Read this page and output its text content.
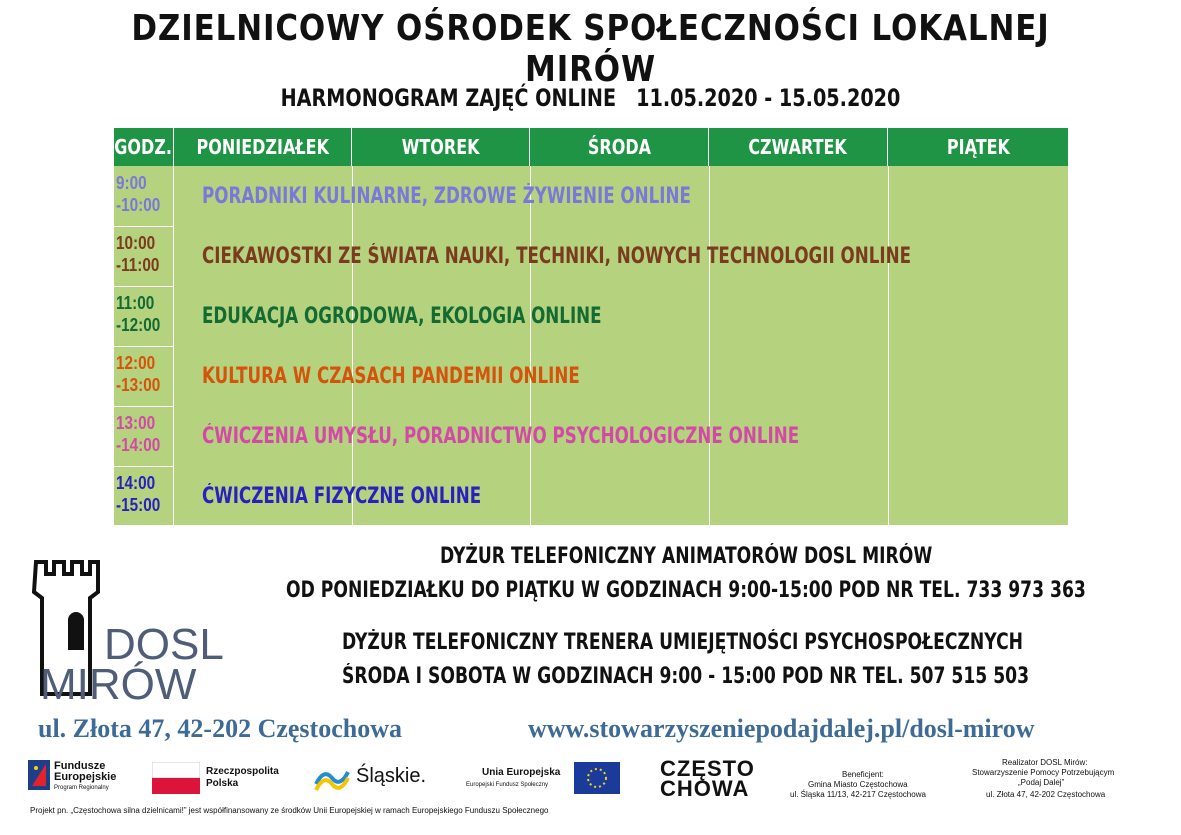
DZIELNICOWY OŚRODEK SPOŁECZNOŚCI LOKALNEJ MIRÓW
HARMONOGRAM ZAJĘĆ ONLINE   11.05.2020 - 15.05.2020
GODZ. PONIEDZIAŁEK	WTOREK	ŚRODA	CZWARTEK	PIĄTEK
9:00
-10:00 PORADNIKI KULINARNE, ZDROWE ŻYWIENIE ONLINE
10:00
-11:00 CIEKAWOSTKI ZE ŚWIATA NAUKI, TECHNIKI, NOWYCH TECHNOLOGII ONLINE
11:00
-12:00 EDUKACJA OGRODOWA, EKOLOGIA ONLINE
12:00
-13:00 KULTURA W CZASACH PANDEMII ONLINE
13:00
-14:00 ĆWICZENIA UMYSŁU, PORADNICTWO PSYCHOLOGICZNE ONLINE
14:00
-15:00 ĆWICZENIA FIZYCZNE ONLINE
DOSL
MIRÓW
DYŻUR TELEFONICZNY ANIMATORÓW DOSL MIRÓW
OD PONIEDZIAŁKU DO PIĄTKU W GODZINACH 9:00-15:00 POD NR TEL. 733 973 363
DYŻUR TELEFONICZNY TRENERA UMIEJĘTNOŚCI PSYCHOSPOŁECZNYCH
ŚRODA I SOBOTA W GODZINACH 9:00 - 15:00 POD NR TEL. 507 515 503
ul. Złota 47, 42-202 Częstochowa	www.stowarzyszeniepodajdalej.pl/dosl-mirow
Fundusze Europejskie
Program Regionalny
Rzeczpospolita Polska	Śląskie.	Unia Europejska
Europejski Fundusz Społeczny
CZĘSTO
CHOWA
Beneficjent:
Gmina Miasto Częstochowa
ul. Śląska 11/13, 42-217 Częstochowa
Realizator DOSL Mirów:
Stowarzyszenie Pomocy Potrzebującym
„Podaj Dalej”
ul. Złota 47, 42-202 Częstochowa
Projekt pn. „Częstochowa silna dzielnicami!” jest współfinansowany ze środków Unii Europejskiej w ramach Europejskiego Funduszu Społecznego
